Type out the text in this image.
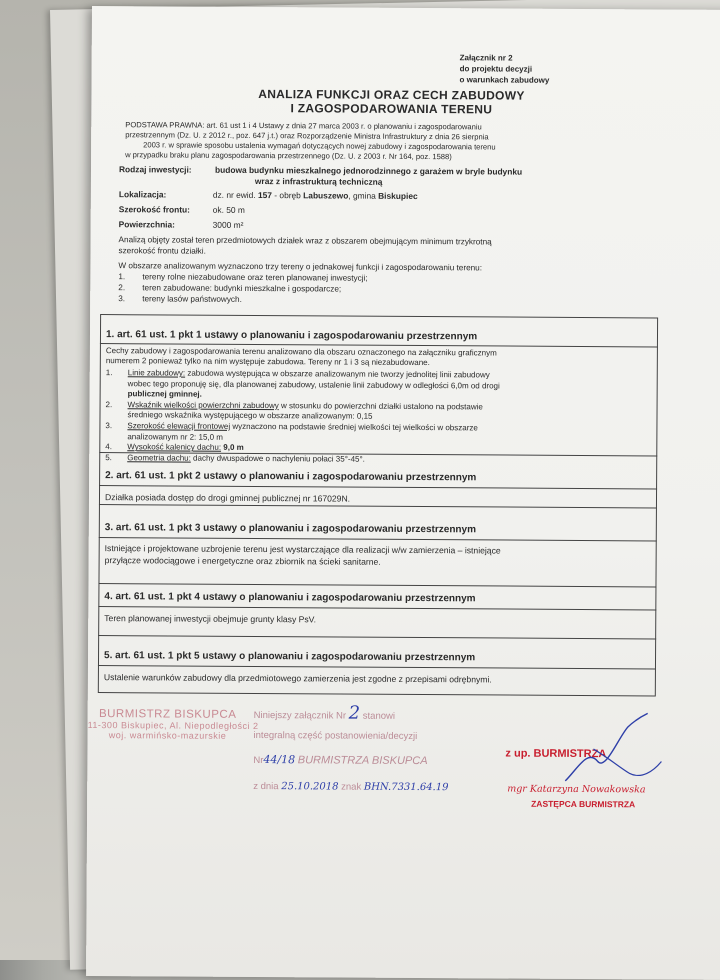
Załącznik nr 2
do projektu decyzji
o warunkach zabudowy
ANALIZA FUNKCJI ORAZ CECH ZABUDOWY
I ZAGOSPODAROWANIA TERENU
PODSTAWA PRAWNA: art. 61 ust 1 i 4 Ustawy z dnia 27 marca 2003 r. o planowaniu i zagospodarowaniu
przestrzennym (Dz. U. z 2012 r., poz. 647 j.t.) oraz Rozporządzenie Ministra Infrastruktury z dnia 26 sierpnia
2003 r. w sprawie sposobu ustalenia wymagań dotyczących nowej zabudowy i zagospodarowania terenu
w przypadku braku planu zagospodarowania przestrzennego (Dz. U. z 2003 r. Nr 164, poz. 1588)
Rodzaj inwestycji:	budowa budynku mieszkalnego jednorodzinnego z garażem w bryle budynku
wraz z infrastrukturą techniczną
Lokalizacja:	dz. nr ewid. 157 - obręb Labuszewo, gmina Biskupiec
Szerokość frontu:	ok. 50 m
Powierzchnia:	3000 m²
Analizą objęty został teren przedmiotowych działek wraz z obszarem obejmującym minimum trzykrotną
szerokość frontu działki.
W obszarze analizowanym wyznaczono trzy tereny o jednakowej funkcji i zagospodarowaniu terenu:
1. tereny rolne niezabudowane oraz teren planowanej inwestycji;
2. teren zabudowane: budynki mieszkalne i gospodarcze;
3. tereny lasów państwowych.
1. art. 61 ust. 1 pkt 1 ustawy o planowaniu i zagospodarowaniu przestrzennym
Cechy zabudowy i zagospodarowania terenu analizowano dla obszaru oznaczonego na załączniku graficznym
numerem 2 ponieważ tylko na nim występuje zabudowa. Tereny nr 1 i 3 są niezabudowane.
1. Linie zabudowy: zabudowa występująca w obszarze analizowanym nie tworzy jednolitej linii zabudowy
wobec tego proponuję się, dla planowanej zabudowy, ustalenie linii zabudowy w odległości 6,0m od drogi
publicznej gminnej.
2. Wskaźnik wielkości powierzchni zabudowy w stosunku do powierzchni działki ustalono na podstawie
średniego wskaźnika występującego w obszarze analizowanym: 0,15
3. Szerokość elewacji frontowej wyznaczono na podstawie średniej wielkości tej wielkości w obszarze
analizowanym nr 2: 15,0 m
4. Wysokość kalenicy dachu: 9,0 m
5. Geometria dachu: dachy dwuspadowe o nachyleniu połaci 35°-45°.
2. art. 61 ust. 1 pkt 2 ustawy o planowaniu i zagospodarowaniu przestrzennym
Działka posiada dostęp do drogi gminnej publicznej nr 167029N.
3. art. 61 ust. 1 pkt 3 ustawy o planowaniu i zagospodarowaniu przestrzennym
Istniejące i projektowane uzbrojenie terenu jest wystarczające dla realizacji w/w zamierzenia – istniejące
przyłącze wodociągowe i energetyczne oraz zbiornik na ścieki sanitarne.
4. art. 61 ust. 1 pkt 4 ustawy o planowaniu i zagospodarowaniu przestrzennym
Teren planowanej inwestycji obejmuje grunty klasy PsV.
5. art. 61 ust. 1 pkt 5 ustawy o planowaniu i zagospodarowaniu przestrzennym
Ustalenie warunków zabudowy dla przedmiotowego zamierzenia jest zgodne z przepisami odrębnymi.
BURMISTRZ BISKUPCA
11-300 Biskupiec, Al. Niepodległości 2
woj. warmińsko-mazurskie
Niniejszy załącznik Nr 2 stanowi
integralną część postanowienia/decyzji
Nr44/18 BURMISTRZA BISKUPCA
z dnia 25.10.2018 znak BHN.7331.64.19
z up. BURMISTRZA
mgr Katarzyna Nowakowska
ZASTĘPCA BURMISTRZA
